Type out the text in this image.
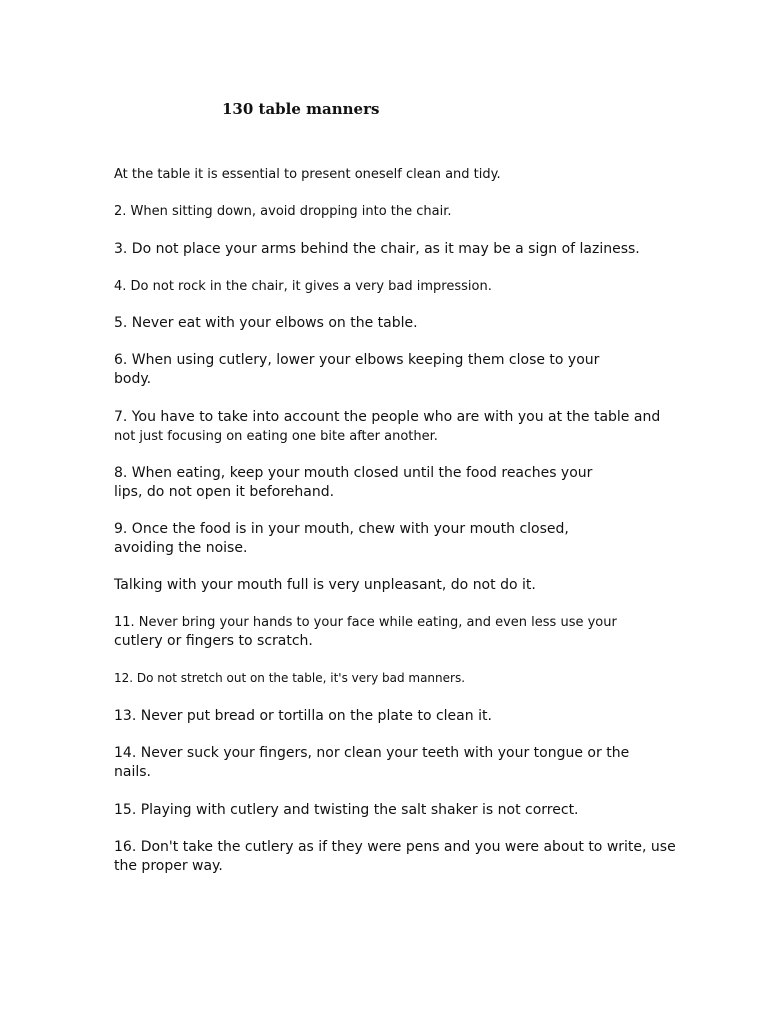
130 table manners
At the table it is essential to present oneself clean and tidy.
2. When sitting down, avoid dropping into the chair.
3. Do not place your arms behind the chair, as it may be a sign of laziness.
4. Do not rock in the chair, it gives a very bad impression.
5. Never eat with your elbows on the table.
6. When using cutlery, lower your elbows keeping them close to your
body.
7. You have to take into account the people who are with you at the table and
not just focusing on eating one bite after another.
8. When eating, keep your mouth closed until the food reaches your
lips, do not open it beforehand.
9. Once the food is in your mouth, chew with your mouth closed,
avoiding the noise.
Talking with your mouth full is very unpleasant, do not do it.
11. Never bring your hands to your face while eating, and even less use your
cutlery or fingers to scratch.
12. Do not stretch out on the table, it's very bad manners.
13. Never put bread or tortilla on the plate to clean it.
14. Never suck your fingers, nor clean your teeth with your tongue or the
nails.
15. Playing with cutlery and twisting the salt shaker is not correct.
16. Don't take the cutlery as if they were pens and you were about to write, use
the proper way.
